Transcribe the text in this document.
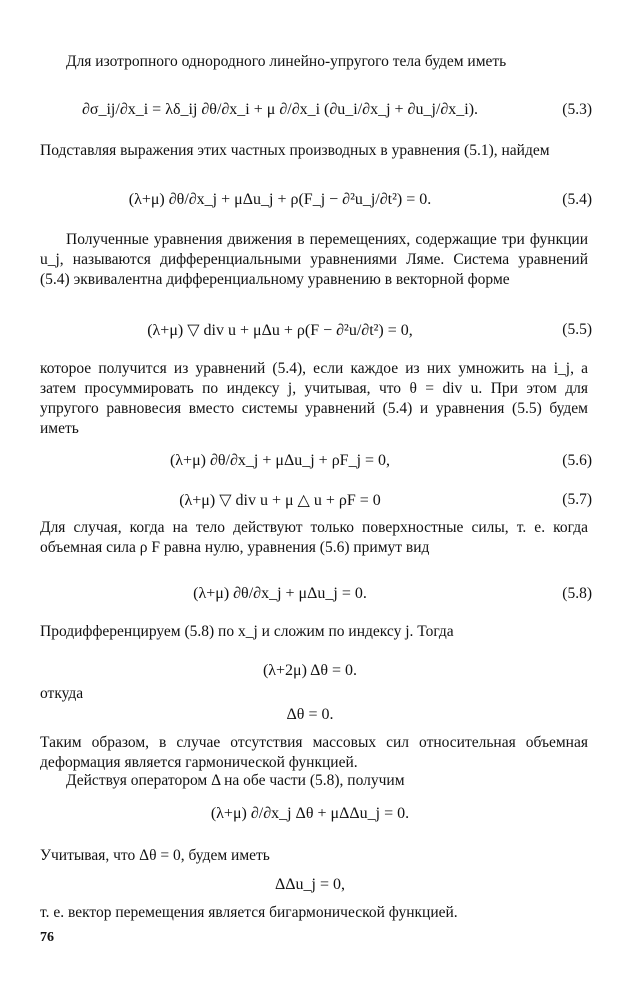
Для изотропного однородного линейно-упругого тела будем иметь

∂σ_ij/∂x_i = λδ_ij ∂θ/∂x_i + μ ∂/∂x_i (∂u_i/∂x_j + ∂u_j/∂x_i).	(5.3)

Подставляя выражения этих частных производных в уравнения (5.1), найдем

(λ+μ) ∂θ/∂x_j + μΔu_j + ρ(F_j − ∂²u_j/∂t²) = 0.	(5.4)

Полученные уравнения движения в перемещениях, содержащие три функции u_j, называются дифференциальными уравнениями Ляме. Система уравнений (5.4) эквивалентна дифференциальному уравнению в векторной форме

(λ+μ) ▽ div u + μΔu + ρ(F − ∂²u/∂t²) = 0,	(5.5)

которое получится из уравнений (5.4), если каждое из них умножить на i_j, а затем просуммировать по индексу j, учитывая, что θ = div u. При этом для упругого равновесия вместо системы уравнений (5.4) и уравнения (5.5) будем иметь

(λ+μ) ∂θ/∂x_j + μΔu_j + ρF_j = 0,	(5.6)
(λ+μ) ▽ div u + μ △ u + ρF = 0	(5.7)

Для случая, когда на тело действуют только поверхностные силы, т. е. когда объемная сила ρ F равна нулю, уравнения (5.6) примут вид

(λ+μ) ∂θ/∂x_j + μΔu_j = 0.	(5.8)

Продифференцируем (5.8) по x_j и сложим по индексу j. Тогда

(λ+2μ) Δθ = 0.

откуда

Δθ = 0.

Таким образом, в случае отсутствия массовых сил относительная объемная деформация является гармонической функцией.

Действуя оператором Δ на обе части (5.8), получим

(λ+μ) ∂/∂x_j Δθ + μΔΔu_j = 0.

Учитывая, что Δθ = 0, будем иметь

ΔΔu_j = 0,

т. е. вектор перемещения является бигармонической функцией.

76
